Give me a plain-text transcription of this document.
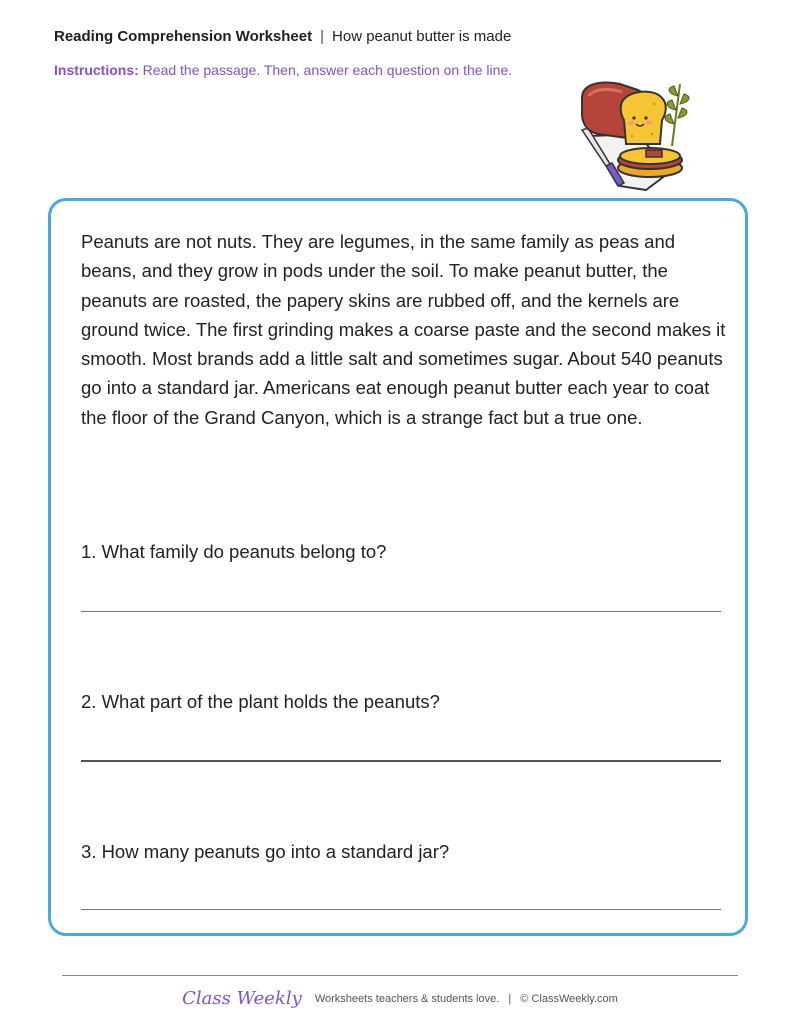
Reading Comprehension Worksheet | How peanut butter is made
Instructions: Read the passage. Then, answer each question on the line.

Peanuts are not nuts. They are legumes, in the same family as peas and beans, and they grow in pods under the soil. To make peanut butter, the peanuts are roasted, the papery skins are rubbed off, and the kernels are ground twice. The first grinding makes a coarse paste and the second makes it smooth. Most brands add a little salt and sometimes sugar. About 540 peanuts go into a standard jar. Americans eat enough peanut butter each year to coat the floor of the Grand Canyon, which is a strange fact but a true one.

1. What family do peanuts belong to?

2. What part of the plant holds the peanuts?

3. How many peanuts go into a standard jar?

Class Weekly Worksheets teachers & students love. | © ClassWeekly.com
